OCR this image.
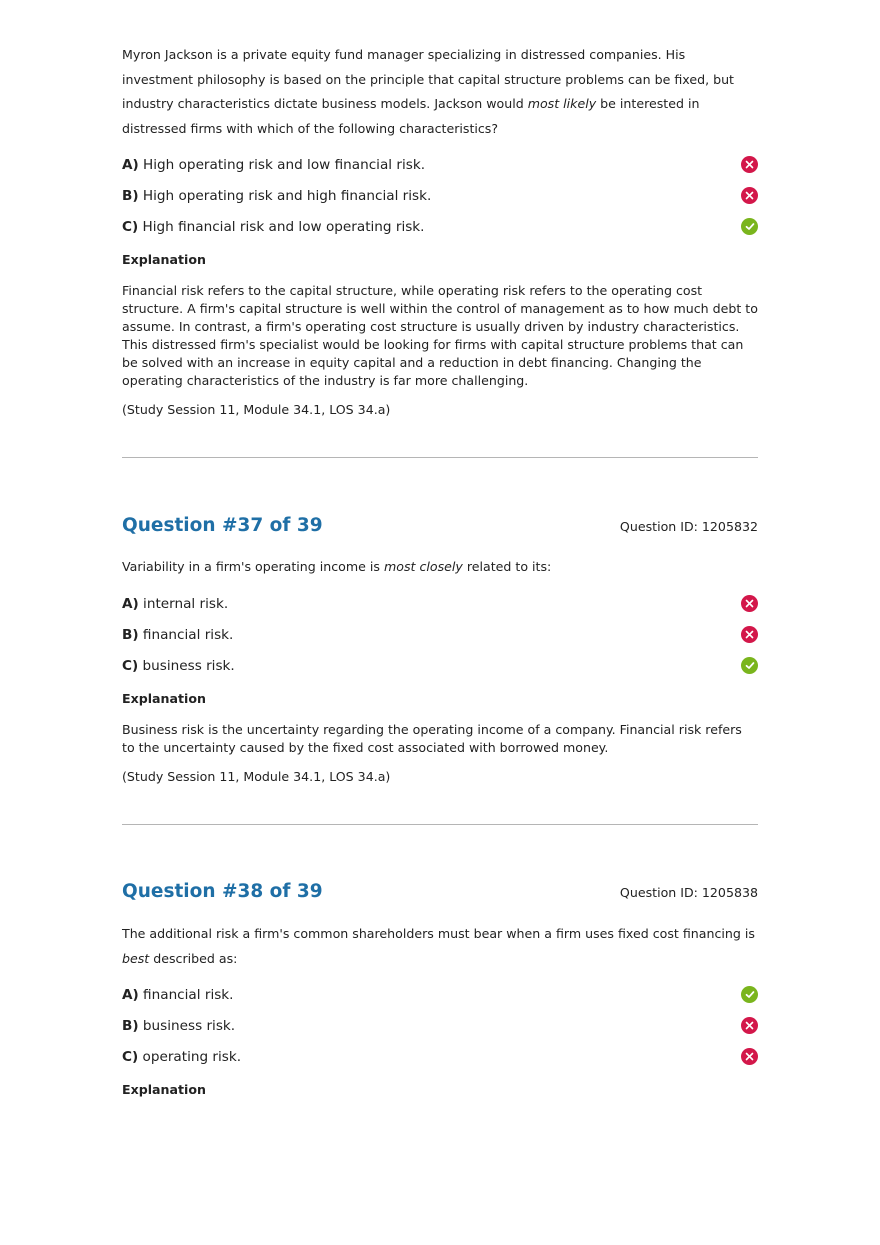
Myron Jackson is a private equity fund manager specializing in distressed companies. His investment philosophy is based on the principle that capital structure problems can be fixed, but industry characteristics dictate business models. Jackson would most likely be interested in distressed firms with which of the following characteristics?

A) High operating risk and low financial risk.
B) High operating risk and high financial risk.
C) High financial risk and low operating risk.

Explanation

Financial risk refers to the capital structure, while operating risk refers to the operating cost structure. A firm's capital structure is well within the control of management as to how much debt to assume. In contrast, a firm's operating cost structure is usually driven by industry characteristics. This distressed firm's specialist would be looking for firms with capital structure problems that can be solved with an increase in equity capital and a reduction in debt financing. Changing the operating characteristics of the industry is far more challenging.

(Study Session 11, Module 34.1, LOS 34.a)

Question #37 of 39	Question ID: 1205832

Variability in a firm's operating income is most closely related to its:

A) internal risk.
B) financial risk.
C) business risk.

Explanation

Business risk is the uncertainty regarding the operating income of a company. Financial risk refers to the uncertainty caused by the fixed cost associated with borrowed money.

(Study Session 11, Module 34.1, LOS 34.a)

Question #38 of 39	Question ID: 1205838

The additional risk a firm's common shareholders must bear when a firm uses fixed cost financing is best described as:

A) financial risk.
B) business risk.
C) operating risk.

Explanation
